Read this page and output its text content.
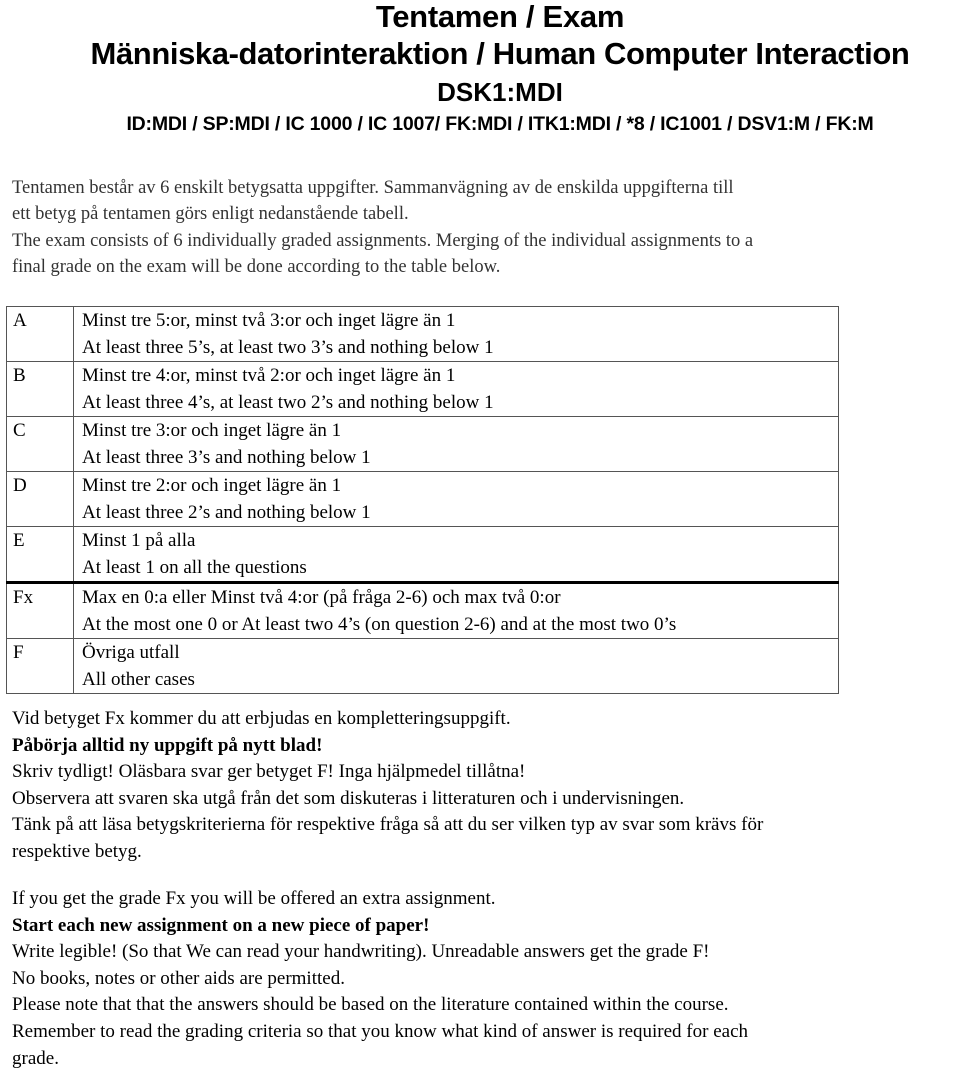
Tentamen / Exam
Människa-datorinteraktion / Human Computer Interaction
DSK1:MDI
ID:MDI / SP:MDI / IC 1000 / IC 1007/ FK:MDI / ITK1:MDI / *8 / IC1001 / DSV1:M / FK:M
Tentamen består av 6 enskilt betygsatta uppgifter. Sammanvägning av de enskilda uppgifterna till
ett betyg på tentamen görs enligt nedanstående tabell.
The exam consists of 6 individually graded assignments. Merging of the individual assignments to a
final grade on the exam will be done according to the table below.
A	Minst tre 5:or, minst två 3:or och inget lägre än 1
At least three 5’s, at least two 3’s and nothing below 1

B	Minst tre 4:or, minst två 2:or och inget lägre än 1
At least three 4’s, at least two 2’s and nothing below 1

C	Minst tre 3:or och inget lägre än 1
At least three 3’s and nothing below 1

D	Minst tre 2:or och inget lägre än 1
At least three 2’s and nothing below 1

E	Minst 1 på alla
At least 1 on all the questions

Fx	Max en 0:a eller Minst två 4:or (på fråga 2-6) och max två 0:or
At the most one 0 or At least two 4’s (on question 2-6) and at the most two 0’s

F	Övriga utfall
All other cases
Vid betyget Fx kommer du att erbjudas en kompletteringsuppgift.
Påbörja alltid ny uppgift på nytt blad!
Skriv tydligt! Oläsbara svar ger betyget F! Inga hjälpmedel tillåtna!
Observera att svaren ska utgå från det som diskuteras i litteraturen och i undervisningen.
Tänk på att läsa betygskriterierna för respektive fråga så att du ser vilken typ av svar som krävs för
respektive betyg.
If you get the grade Fx you will be offered an extra assignment.
Start each new assignment on a new piece of paper!
Write legible! (So that We can read your handwriting). Unreadable answers get the grade F!
No books, notes or other aids are permitted.
Please note that that the answers should be based on the literature contained within the course.
Remember to read the grading criteria so that you know what kind of answer is required for each
grade.
